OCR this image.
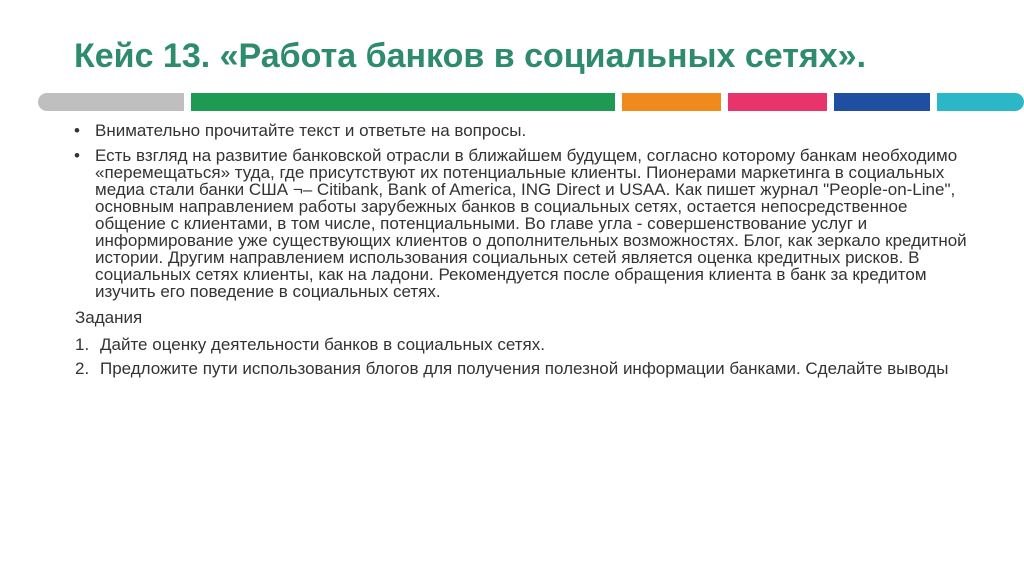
Кейс 13. «Работа банков в социальных сетях».
• Внимательно прочитайте текст и ответьте на вопросы.
• Есть взгляд на развитие банковской отрасли в ближайшем будущем, согласно которому банкам необходимо «перемещаться» туда, где присутствуют их потенциальные клиенты. Пионерами маркетинга в социальных медиа стали банки США ¬– Citibank, Bank of America, ING Direct и USAA. Как пишет журнал "People-on-Line", основным направлением работы зарубежных банков в социальных сетях, остается непосредственное общение с клиентами, в том числе, потенциальными. Во главе угла - совершенствование услуг и информирование уже существующих клиентов о дополнительных возможностях. Блог, как зеркало кредитной истории. Другим направлением использования социальных сетей является оценка кредитных рисков. В социальных сетях клиенты, как на ладони. Рекомендуется после обращения клиента в банк за кредитом изучить его поведение в социальных сетях.
Задания
1. Дайте оценку деятельности банков в социальных сетях.
2. Предложите пути использования блогов для получения полезной информации банками. Сделайте выводы
